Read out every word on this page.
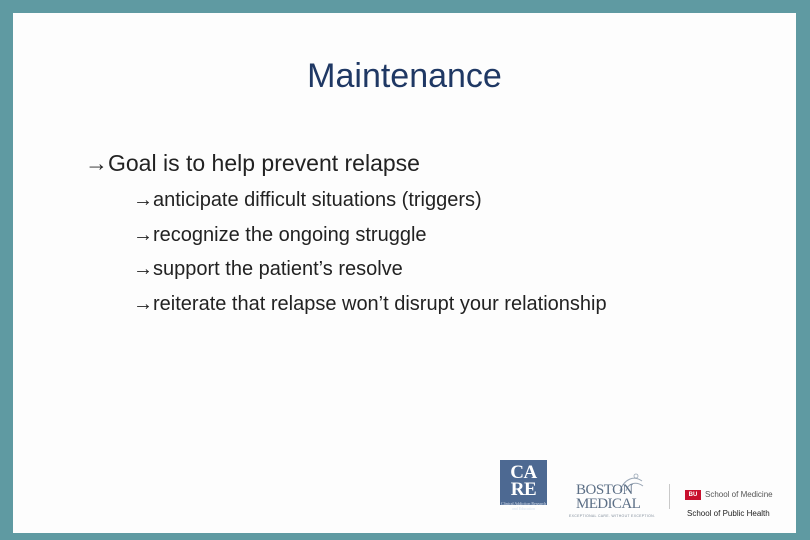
Maintenance
→Goal is to help prevent relapse
→anticipate difficult situations (triggers)
→recognize the ongoing struggle
→support the patient’s resolve
→reiterate that relapse won’t disrupt your relationship
CA
RE
Clinical Addiction Research and Education
BOSTON
MEDICAL
EXCEPTIONAL CARE. WITHOUT EXCEPTION.
BU School of Medicine
School of Public Health
